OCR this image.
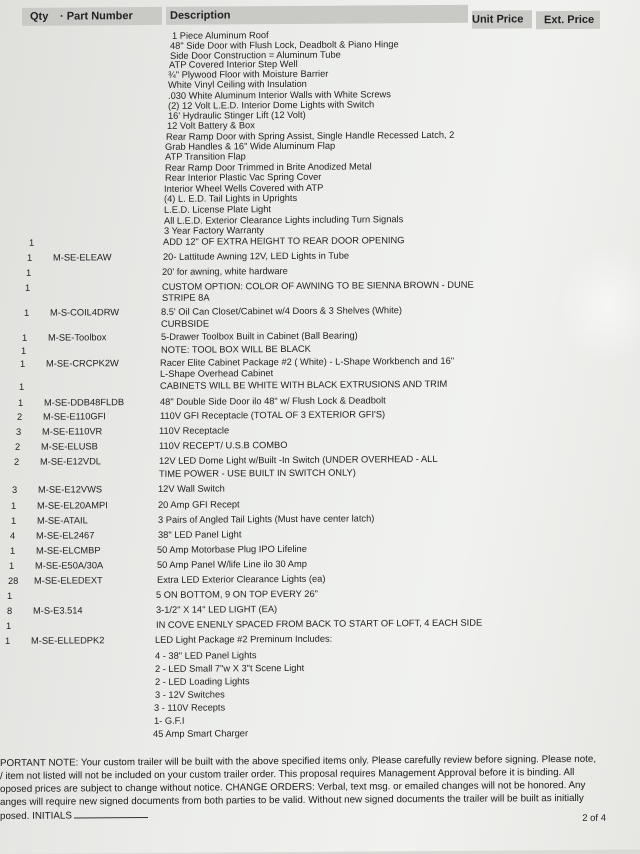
Qty · Part Number	Description	Unit Price Ext. Price
1 Piece Aluminum Roof
48" Side Door with Flush Lock, Deadbolt & Piano Hinge
Side Door Construction = Aluminum Tube
ATP Covered Interior Step Well
¾" Plywood Floor with Moisture Barrier
White Vinyl Ceiling with Insulation
.030 White Aluminum Interior Walls with White Screws
(2) 12 Volt L.E.D. Interior Dome Lights with Switch
16' Hydraulic Stinger Lift (12 Volt)
12 Volt Battery & Box
Rear Ramp Door with Spring Assist, Single Handle Recessed Latch, 2
Grab Handles & 16" Wide Aluminum Flap
ATP Transition Flap
Rear Ramp Door Trimmed in Brite Anodized Metal
Rear Interior Plastic Vac Spring Cover
Interior Wheel Wells Covered with ATP
(4) L. E.D. Tail Lights in Uprights
L.E.D. License Plate Light
All L.E.D. Exterior Clearance Lights including Turn Signals
3 Year Factory Warranty
1	ADD 12" OF EXTRA HEIGHT TO REAR DOOR OPENING
1 M-SE-ELEAW	20- Lattitude Awning 12V, LED Lights in Tube
1	20' for awning, white hardware
1	CUSTOM OPTION: COLOR OF AWNING TO BE SIENNA BROWN - DUNE
STRIPE 8A
1 M-S-COIL4DRW	8.5' Oil Can Closet/Cabinet w/4 Doors & 3 Shelves (White)
CURBSIDE
1 M-SE-Toolbox	5-Drawer Toolbox Built in Cabinet (Ball Bearing)
1	NOTE: TOOL BOX WILL BE BLACK
1 M-SE-CRCPK2W	Racer Elite Cabinet Package #2 ( White) - L-Shape Workbench and 16"
L-Shape Overhead Cabinet
1	CABINETS WILL BE WHITE WITH BLACK EXTRUSIONS AND TRIM
1 M-SE-DDB48FLDB	48" Double Side Door ilo 48" w/ Flush Lock & Deadbolt
2 M-SE-E110GFI	110V GFI Receptacle (TOTAL OF 3 EXTERIOR GFI'S)
3 M-SE-E110VR	110V Receptacle
2 M-SE-ELUSB	110V RECEPT/ U.S.B COMBO
2 M-SE-E12VDL	12V LED Dome Light w/Built -In Switch (UNDER OVERHEAD - ALL
TIME POWER - USE BUILT IN SWITCH ONLY)
3 M-SE-E12VWS	12V Wall Switch
1 M-SE-EL20AMPI	20 Amp GFI Recept
1 M-SE-ATAIL	3 Pairs of Angled Tail Lights (Must have center latch)
4 M-SE-EL2467	38" LED Panel Light
1 M-SE-ELCMBP	50 Amp Motorbase Plug IPO Lifeline
1 M-SE-E50A/30A	50 Amp Panel W/life Line ilo 30 Amp
28 M-SE-ELEDEXT	Extra LED Exterior Clearance Lights (ea)
1	5 ON BOTTOM, 9 ON TOP EVERY 26"
8 M-S-E3.514	3-1/2" X 14" LED LIGHT (EA)
1	IN COVE ENENLY SPACED FROM BACK TO START OF LOFT, 4 EACH SIDE
1 M-SE-ELLEDPK2	LED Light Package #2 Preminum Includes:
4 - 38" LED Panel Lights
2 - LED Small 7"w X 3"t Scene Light
2 - LED Loading Lights
3 - 12V Switches
3 - 110V Recepts
1- G.F.I
45 Amp Smart Charger
PORTANT NOTE: Your custom trailer will be built with the above specified items only. Please carefully review before signing. Please note,
/ item not listed will not be included on your custom trailer order. This proposal requires Management Approval before it is binding. All
oposed prices are subject to change without notice. CHANGE ORDERS: Verbal, text msg. or emailed changes will not be honored. Any
anges will require new signed documents from both parties to be valid. Without new signed documents the trailer will be built as initially
posed. INITIALS	2 of 4
